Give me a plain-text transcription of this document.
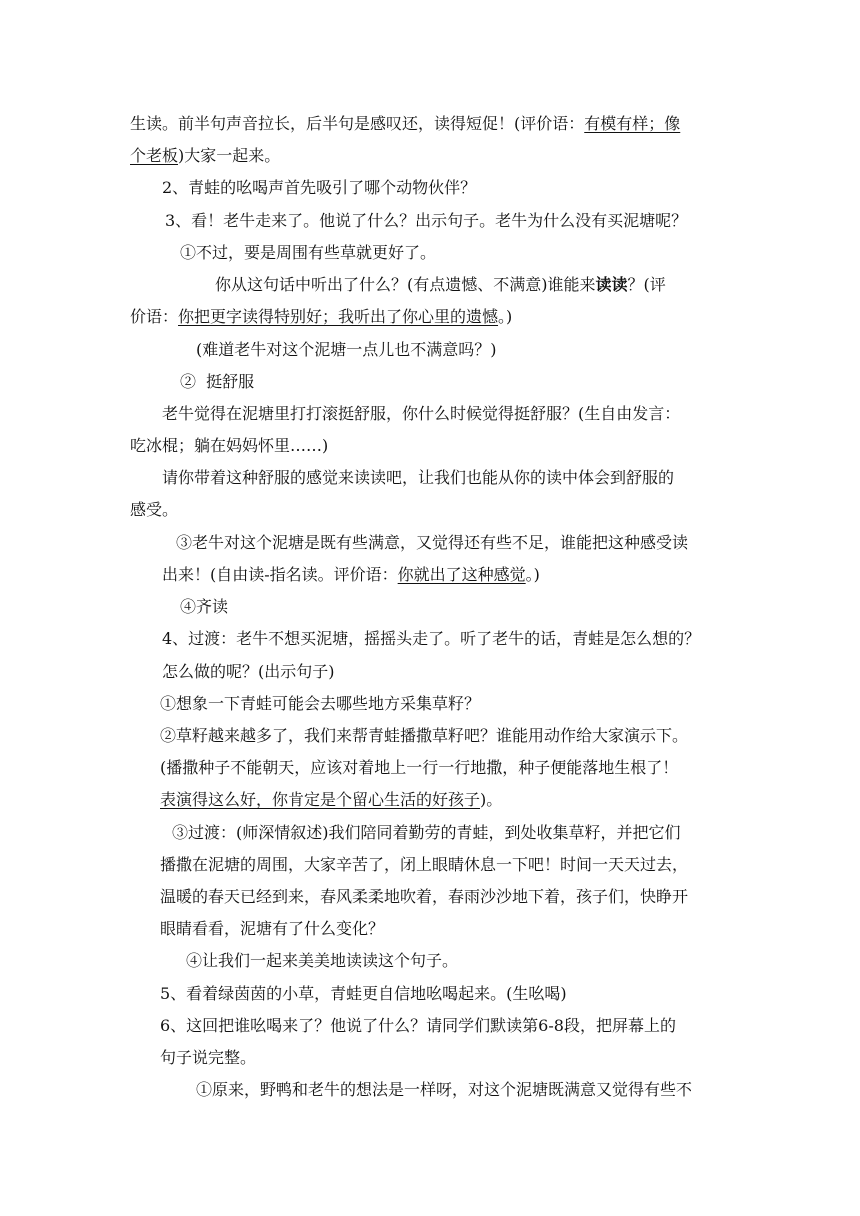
生读。前半句声音拉长，后半句是感叹还，读得短促！(评价语：有模有样；像
个老板)大家一起来。
2、青蛙的吆喝声首先吸引了哪个动物伙伴？
3、看！老牛走来了。他说了什么？出示句子。老牛为什么没有买泥塘呢？
①不过，要是周围有些草就更好了。
你从这句话中听出了什么？(有点遗憾、不满意)谁能来读读？(评
价语：你把更字读得特别好；我听出了你心里的遗憾。)
(难道老牛对这个泥塘一点儿也不满意吗？)
②  挺舒服
老牛觉得在泥塘里打打滚挺舒服，你什么时候觉得挺舒服？(生自由发言：
吃冰棍；躺在妈妈怀里……)
请你带着这种舒服的感觉来读读吧，让我们也能从你的读中体会到舒服的
感受。
③老牛对这个泥塘是既有些满意，又觉得还有些不足，谁能把这种感受读
出来！(自由读-指名读。评价语：你就出了这种感觉。)
④齐读
4、过渡：老牛不想买泥塘，摇摇头走了。听了老牛的话，青蛙是怎么想的？
怎么做的呢？(出示句子)
①想象一下青蛙可能会去哪些地方采集草籽？
②草籽越来越多了，我们来帮青蛙播撒草籽吧？谁能用动作给大家演示下。
(播撒种子不能朝天，应该对着地上一行一行地撒，种子便能落地生根了！
表演得这么好，你肯定是个留心生活的好孩子)。
③过渡：(师深情叙述)我们陪同着勤劳的青蛙，到处收集草籽，并把它们
播撒在泥塘的周围，大家辛苦了，闭上眼睛休息一下吧！时间一天天过去，
温暖的春天已经到来，春风柔柔地吹着，春雨沙沙地下着，孩子们，快睁开
眼睛看看，泥塘有了什么变化？
④让我们一起来美美地读读这个句子。
5、看着绿茵茵的小草，青蛙更自信地吆喝起来。(生吆喝)
6、这回把谁吆喝来了？他说了什么？请同学们默读第6-8段，把屏幕上的
句子说完整。
①原来，野鸭和老牛的想法是一样呀，对这个泥塘既满意又觉得有些不
